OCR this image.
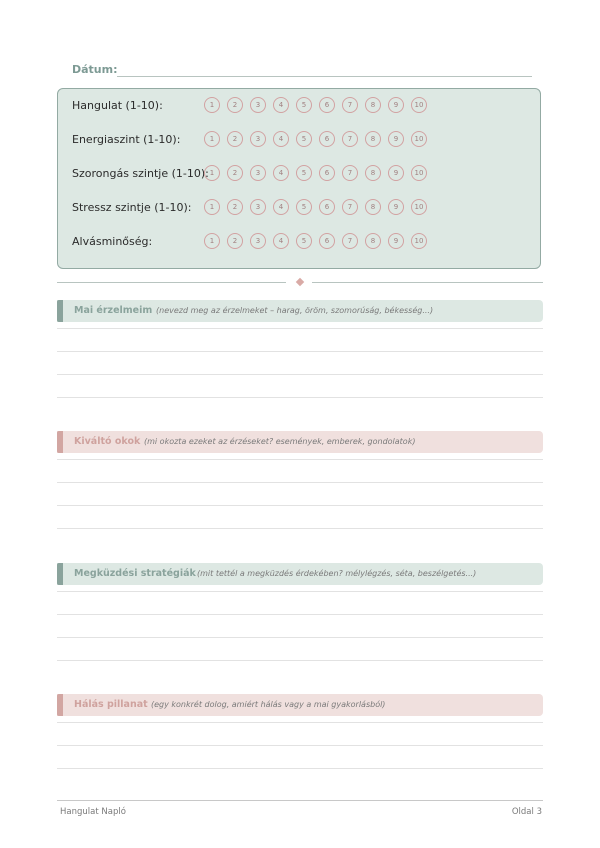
Dátum:
Hangulat (1-10):	1	2	3	4	5	6	7	8	9	10
Energiaszint (1-10):	1	2	3	4	5	6	7	8	9	10
Szorongás szintje (1-10): 1	2	3	4	5	6	7	8	9	10
Stressz szintje (1-10):	1	2	3	4	5	6	7	8	9	10
Alvásminőség:	1	2	3	4	5	6	7	8	9	10
Mai érzelmeim (nevezd meg az érzelmeket – harag, öröm, szomorúság, békesség...)
Kiváltó okok (mi okozta ezeket az érzéseket? események, emberek, gondolatok)
Megküzdési stratégiák (mit tettél a megküzdés érdekében? mélylégzés, séta, beszélgetés...)
Hálás pillanat (egy konkrét dolog, amiért hálás vagy a mai gyakorlásból)
Hangulat Napló	Oldal 3
